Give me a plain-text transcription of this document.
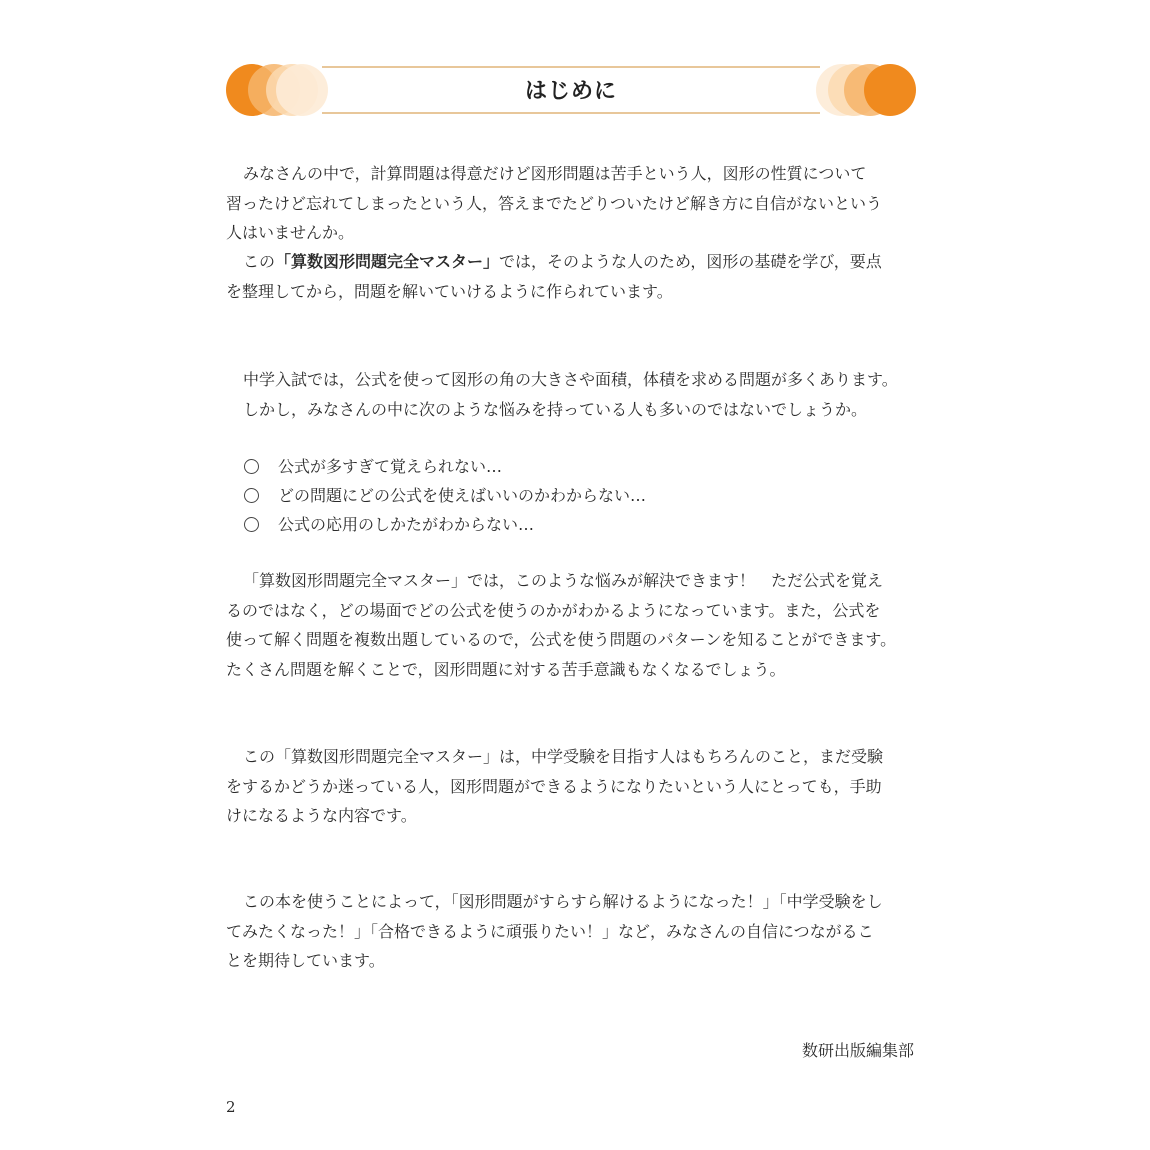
はじめに
みなさんの中で，計算問題は得意だけど図形問題は苦手という人，図形の性質について
習ったけど忘れてしまったという人，答えまでたどりついたけど解き方に自信がないという
人はいませんか。
この「算数図形問題完全マスター」では，そのような人のため，図形の基礎を学び，要点
を整理してから，問題を解いていけるように作られています。
中学入試では，公式を使って図形の角の大きさや面積，体積を求める問題が多くあります。
しかし，みなさんの中に次のような悩みを持っている人も多いのではないでしょうか。
公式が多すぎて覚えられない…
どの問題にどの公式を使えばいいのかわからない…
公式の応用のしかたがわからない…
「算数図形問題完全マスター」では，このような悩みが解決できます！　ただ公式を覚え
るのではなく，どの場面でどの公式を使うのかがわかるようになっています。また，公式を
使って解く問題を複数出題しているので，公式を使う問題のパターンを知ることができます。
たくさん問題を解くことで，図形問題に対する苦手意識もなくなるでしょう。
この「算数図形問題完全マスター」は，中学受験を目指す人はもちろんのこと，まだ受験
をするかどうか迷っている人，図形問題ができるようになりたいという人にとっても，手助
けになるような内容です。
この本を使うことによって，「図形問題がすらすら解けるようになった！」「中学受験をし
てみたくなった！」「合格できるように頑張りたい！」など，みなさんの自信につながるこ
とを期待しています。
数研出版編集部
2
